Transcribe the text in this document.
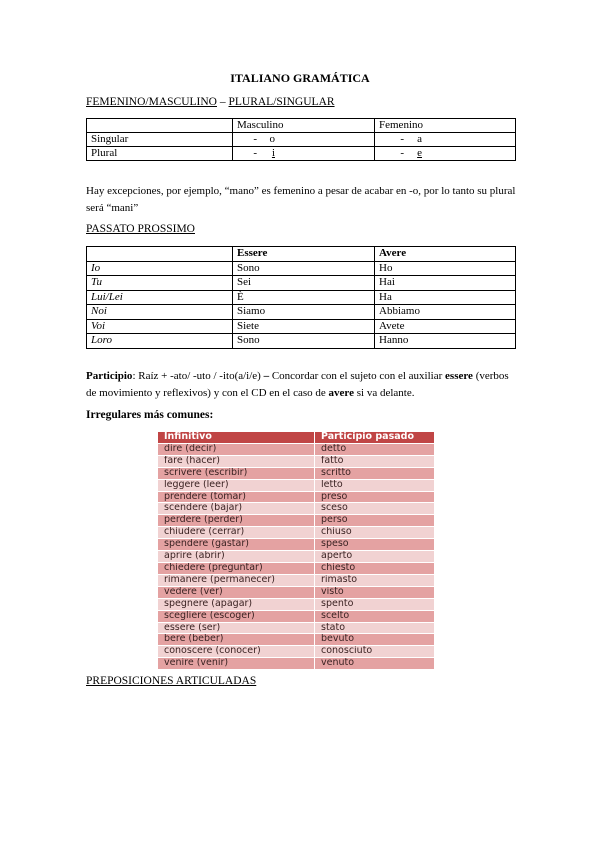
ITALIANO GRAMÁTICA
FEMENINO/MASCULINO – PLURAL/SINGULAR
	Masculino	Femenino
Singular	- o	- a
Plural	- i	- e
Hay excepciones, por ejemplo, “mano” es femenino a pesar de acabar en -o, por lo tanto su plural será “mani”
PASSATO PROSSIMO
	Essere	Avere
Io	Sono	Ho
Tu	Sei	Hai
Lui/Lei	È	Ha
Noi	Siamo	Abbiamo
Voi	Siete	Avete
Loro	Sono	Hanno
Participio: Raíz + -ato/ -uto / -ito(a/i/e) – Concordar con el sujeto con el auxiliar essere (verbos de movimiento y reflexivos) y con el CD en el caso de avere si va delante.
Irregulares más comunes:
Infinitivo	Participio pasado
dire (decir)	detto
fare (hacer)	fatto
scrivere (escribir)	scritto
leggere (leer)	letto
prendere (tomar)	preso
scendere (bajar)	sceso
perdere (perder)	perso
chiudere (cerrar)	chiuso
spendere (gastar)	speso
aprire (abrir)	aperto
chiedere (preguntar)	chiesto
rimanere (permanecer)	rimasto
vedere (ver)	visto
spegnere (apagar)	spento
scegliere (escoger)	scelto
essere (ser)	stato
bere (beber)	bevuto
conoscere (conocer)	conosciuto
venire (venir)	venuto
PREPOSICIONES ARTICULADAS
